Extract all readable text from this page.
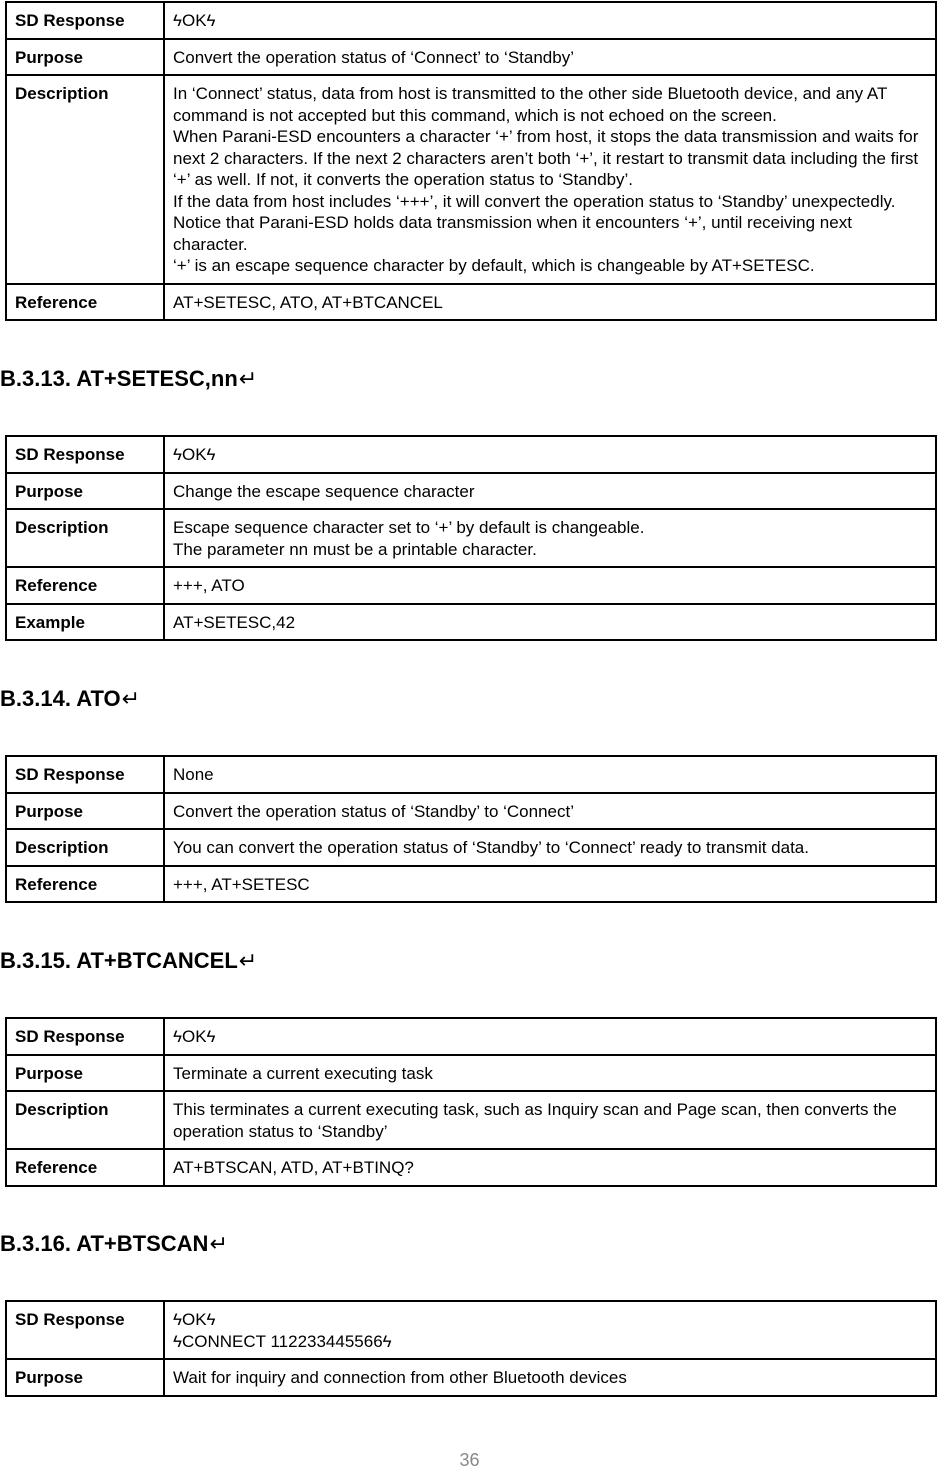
SD Response	ϟOKϟ
Purpose	Convert the operation status of ‘Connect’ to ‘Standby’
Description	In ‘Connect’ status, data from host is transmitted to the other side Bluetooth device, and any AT command is not accepted but this command, which is not echoed on the screen.
When Parani-ESD encounters a character ‘+’ from host, it stops the data transmission and waits for next 2 characters. If the next 2 characters aren’t both ‘+’, it restart to transmit data including the first ‘+’ as well. If not, it converts the operation status to ‘Standby’.
If the data from host includes ‘+++’, it will convert the operation status to ‘Standby’ unexpectedly. Notice that Parani-ESD holds data transmission when it encounters ‘+’, until receiving next character.
‘+’ is an escape sequence character by default, which is changeable by AT+SETESC.
Reference	AT+SETESC, ATO, AT+BTCANCEL
B.3.13. AT+SETESC,nn↵
SD Response	ϟOKϟ
Purpose	Change the escape sequence character
Description	Escape sequence character set to ‘+’ by default is changeable.
The parameter nn must be a printable character.
Reference	+++, ATO
Example	AT+SETESC,42
B.3.14. ATO↵
SD Response	None
Purpose	Convert the operation status of ‘Standby’ to ‘Connect’
Description	You can convert the operation status of ‘Standby’ to ‘Connect’ ready to transmit data.
Reference	+++, AT+SETESC
B.3.15. AT+BTCANCEL↵
SD Response	ϟOKϟ
Purpose	Terminate a current executing task
Description	This terminates a current executing task, such as Inquiry scan and Page scan, then converts the operation status to ‘Standby’
Reference	AT+BTSCAN, ATD, AT+BTINQ?
B.3.16. AT+BTSCAN↵
SD Response	ϟOKϟ
ϟCONNECT 112233445566ϟ
Purpose	Wait for inquiry and connection from other Bluetooth devices
36
